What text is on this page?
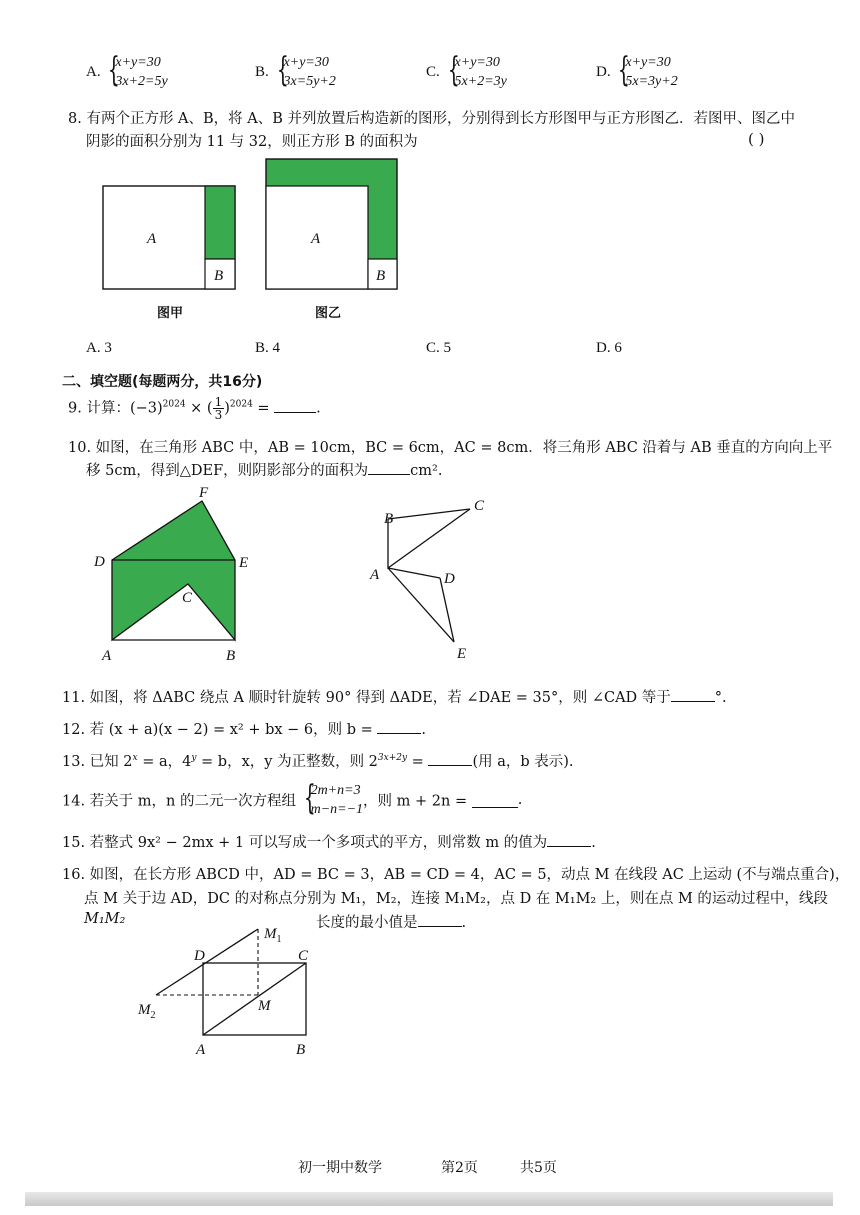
A. {
x+y=30
3x+2=5y
B. {
x+y=30
3x=5y+2
C. {
x+y=30
5x+2=3y
D. {
x+y=30
5x=3y+2
8. 有两个正方形 A、B，将 A、B 并列放置后构造新的图形，分别得到长方形图甲与正方形图乙．若图甲、图乙中
阴影的面积分别为 11 与 32，则正方形 B 的面积为	( )
A
B
图甲
A
B
图乙
A. 3	B. 4	C. 5	D. 6
二、填空题(每题两分，共16分)
9. 计算：$(-3)^{2024}$ × ( $\frac{1}{3} )^{2024}$ =	.
10. 如图，在三角形 ABC 中，AB = 10cm，BC = 6cm，AC = 8cm．将三角形 ABC 沿着与 AB 垂直的方向向上平
移 5cm，得到△DEF，则阴影部分的面积为	cm².
F
D	E
C
A	B
B
C
A	D
E
11. 如图，将 ΔABC 绕点 A 顺时针旋转 90° 得到 ΔADE，若 ∠DAE = 35°，则 ∠CAD 等于	°.
12. 若 (x + a)(x − 2) = x² + bx − 6，则 b =	.
13. 已知 $2^x = a$，$4^y = b$，x，y 为正整数，则 $2^{3x+2y}$ =	(用 a，b 表示).
14. 若关于 m，n 的二元一次方程组 {
2m+n=3
m−n=−1 ，则 m + 2n =	.
15. 若整式 9x² − 2mx + 1 可以写成一个多项式的平方，则常数 m 的值为	.
16. 如图，在长方形 ABCD 中，AD = BC = 3，AB = CD = 4，AC = 5，动点 M 在线段 AC 上运动 (不与端点重合)，
点 M 关于边 AD，DC 的对称点分别为 M₁，M₂，连接 M₁M₂，点 D 在 M₁M₂ 上，则在点 M 的运动过程中，线段
M₁M₂	长度的最小值是	.
D	C
$M_1$
M
$M_2$
A	B
初一期中数学	第2页	共5页
